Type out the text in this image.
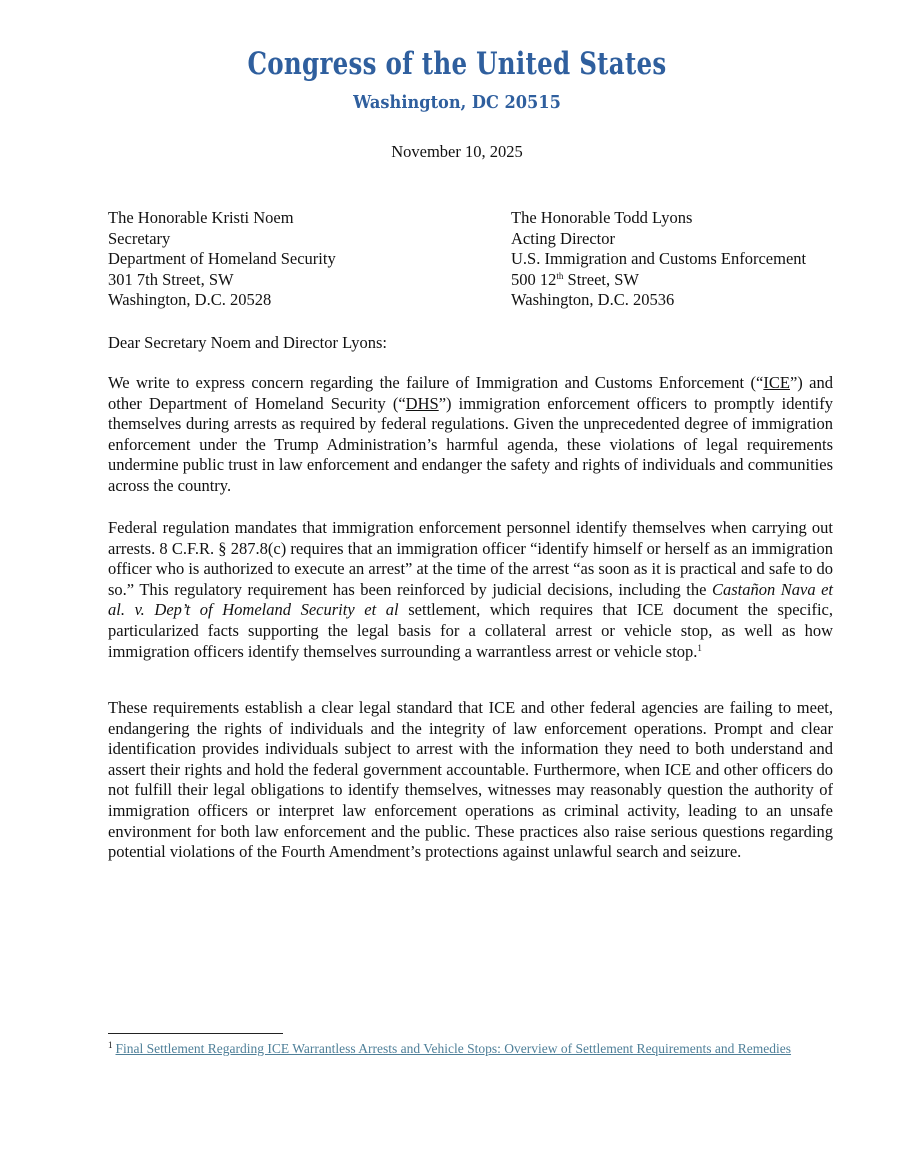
Congress of the United States
Washington, DC 20515
November 10, 2025
The Honorable Kristi Noem
Secretary
Department of Homeland Security
301 7th Street, SW
Washington, D.C. 20528
The Honorable Todd Lyons
Acting Director
U.S. Immigration and Customs Enforcement
500 12th Street, SW
Washington, D.C. 20536
Dear Secretary Noem and Director Lyons:

We write to express concern regarding the failure of Immigration and Customs Enforcement (“ICE”) and other Department of Homeland Security (“DHS”) immigration enforcement officers to promptly identify themselves during arrests as required by federal regulations. Given the unprecedented degree of immigration enforcement under the Trump Administration’s harmful agenda, these violations of legal requirements undermine public trust in law enforcement and endanger the safety and rights of individuals and communities across the country.

Federal regulation mandates that immigration enforcement personnel identify themselves when carrying out arrests. 8 C.F.R. § 287.8(c) requires that an immigration officer “identify himself or herself as an immigration officer who is authorized to execute an arrest” at the time of the arrest “as soon as it is practical and safe to do so.” This regulatory requirement has been reinforced by judicial decisions, including the Castañon Nava et al. v. Dep’t of Homeland Security et al settlement, which requires that ICE document the specific, particularized facts supporting the legal basis for a collateral arrest or vehicle stop, as well as how immigration officers identify themselves surrounding a warrantless arrest or vehicle stop.$^1$

These requirements establish a clear legal standard that ICE and other federal agencies are failing to meet, endangering the rights of individuals and the integrity of law enforcement operations. Prompt and clear identification provides individuals subject to arrest with the information they need to both understand and assert their rights and hold the federal government accountable. Furthermore, when ICE and other officers do not fulfill their legal obligations to identify themselves, witnesses may reasonably question the authority of immigration officers or interpret law enforcement operations as criminal activity, leading to an unsafe environment for both law enforcement and the public. These practices also raise serious questions regarding potential violations of the Fourth Amendment’s protections against unlawful search and seizure.

$^1$ Final Settlement Regarding ICE Warrantless Arrests and Vehicle Stops: Overview of Settlement Requirements and Remedies
